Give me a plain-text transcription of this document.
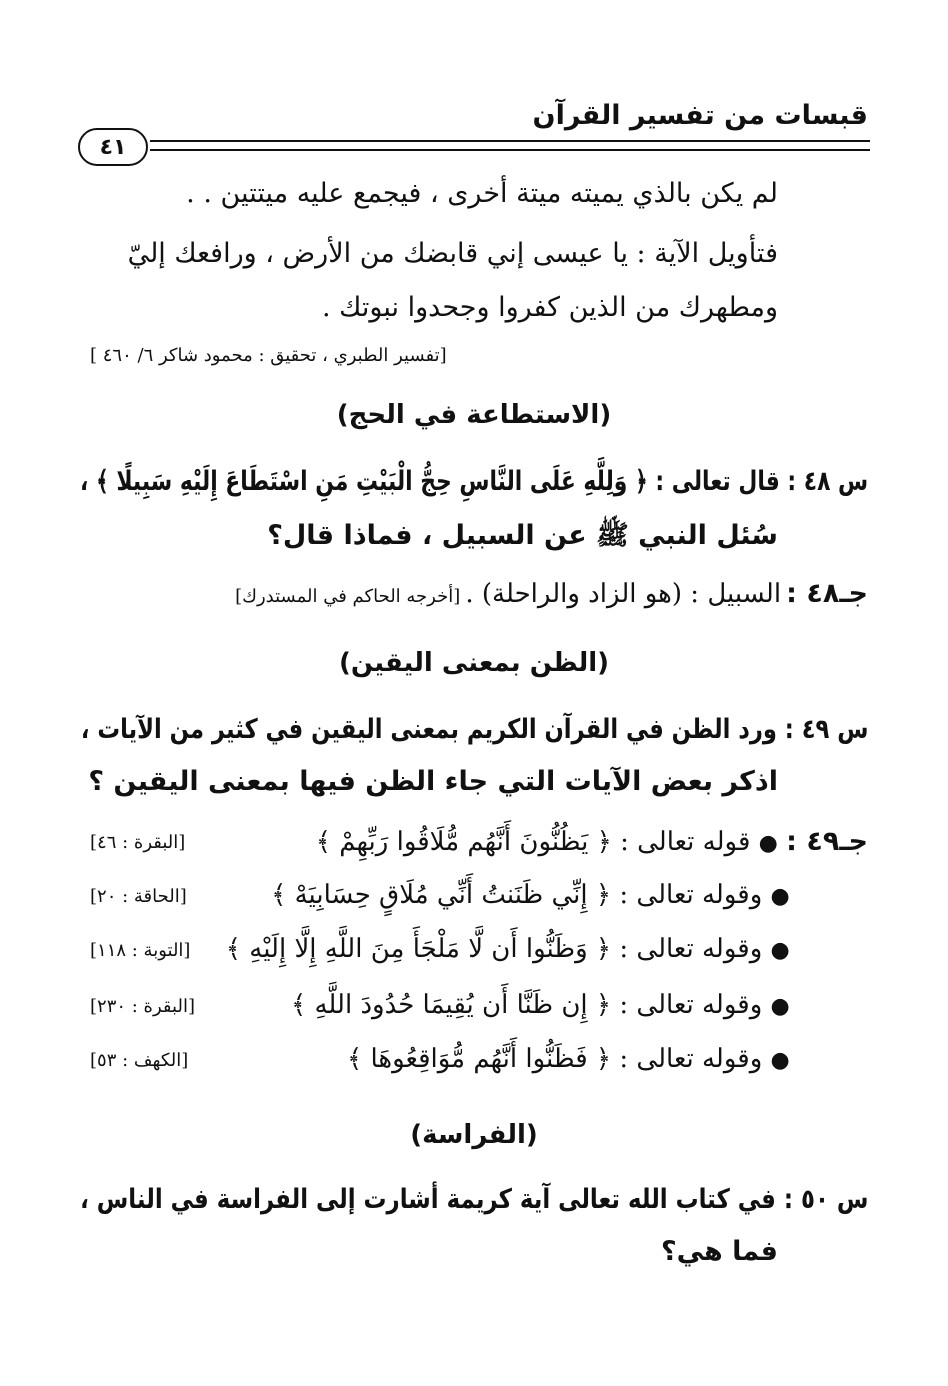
قبسات من تفسير القرآن
٤١
لم يكن بالذي يميته ميتة أخرى ، فيجمع عليه ميتتين . .
فتأويل الآية : يا عيسى إني قابضك من الأرض ، ورافعك إليّ
ومطهرك من الذين كفروا وجحدوا نبوتك .
[تفسير الطبري ، تحقيق : محمود شاكر ٦/ ٤٦٠ ]
(الاستطاعة في الحج)
س ٤٨ : قال تعالى : ﴿ وَلِلَّهِ عَلَى النَّاسِ حِجُّ الْبَيْتِ مَنِ اسْتَطَاعَ إِلَيْهِ سَبِيلًا ﴾ ،
سُئل النبي ﷺ عن السبيل ، فماذا قال؟
جـ٤٨ : السبيل : (هو الزاد والراحلة) . [أخرجه الحاكم في المستدرك]
(الظن بمعنى اليقين)
س ٤٩ : ورد الظن في القرآن الكريم بمعنى اليقين في كثير من الآيات ،
اذكر بعض الآيات التي جاء الظن فيها بمعنى اليقين ؟
جـ٤٩ : ● قوله تعالى : ﴿ يَظُنُّونَ أَنَّهُم مُّلَاقُوا رَبِّهِمْ ﴾
[البقرة : ٤٦]
● وقوله تعالى : ﴿ إِنِّي ظَنَنتُ أَنِّي مُلَاقٍ حِسَابِيَهْ ﴾
[الحاقة : ٢٠]
● وقوله تعالى : ﴿ وَظَنُّوا أَن لَّا مَلْجَأَ مِنَ اللَّهِ إِلَّا إِلَيْهِ ﴾
[التوبة : ١١٨]
● وقوله تعالى : ﴿ إِن ظَنَّا أَن يُقِيمَا حُدُودَ اللَّهِ ﴾
[البقرة : ٢٣٠]
● وقوله تعالى : ﴿ فَظَنُّوا أَنَّهُم مُّوَاقِعُوهَا ﴾
[الكهف : ٥٣]
(الفراسة)
س ٥٠ : في كتاب الله تعالى آية كريمة أشارت إلى الفراسة في الناس ،
فما هي؟
